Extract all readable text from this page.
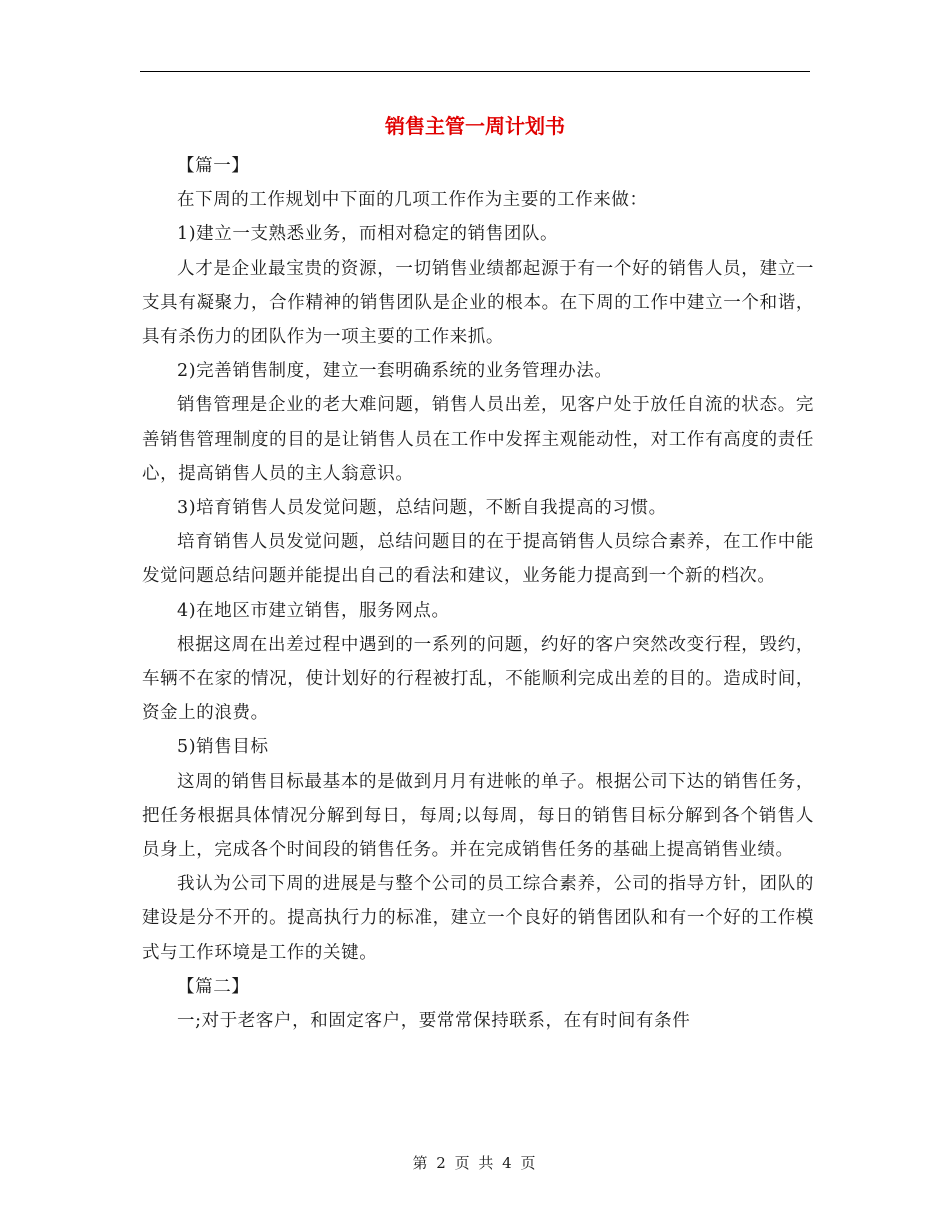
销售主管一周计划书

【篇一】

在下周的工作规划中下面的几项工作作为主要的工作来做：

1)建立一支熟悉业务，而相对稳定的销售团队。

人才是企业最宝贵的资源，一切销售业绩都起源于有一个好的销售人员，建立一支具有凝聚力，合作精神的销售团队是企业的根本。在下周的工作中建立一个和谐，具有杀伤力的团队作为一项主要的工作来抓。

2)完善销售制度，建立一套明确系统的业务管理办法。

销售管理是企业的老大难问题，销售人员出差，见客户处于放任自流的状态。完善销售管理制度的目的是让销售人员在工作中发挥主观能动性，对工作有高度的责任心，提高销售人员的主人翁意识。

3)培育销售人员发觉问题，总结问题，不断自我提高的习惯。

培育销售人员发觉问题，总结问题目的在于提高销售人员综合素养，在工作中能发觉问题总结问题并能提出自己的看法和建议，业务能力提高到一个新的档次。

4)在地区市建立销售，服务网点。

根据这周在出差过程中遇到的一系列的问题，约好的客户突然改变行程，毁约，车辆不在家的情况，使计划好的行程被打乱，不能顺利完成出差的目的。造成时间，资金上的浪费。

5)销售目标

这周的销售目标最基本的是做到月月有进帐的单子。根据公司下达的销售任务，把任务根据具体情况分解到每日，每周;以每周，每日的销售目标分解到各个销售人员身上，完成各个时间段的销售任务。并在完成销售任务的基础上提高销售业绩。

我认为公司下周的进展是与整个公司的员工综合素养，公司的指导方针，团队的建设是分不开的。提高执行力的标准，建立一个良好的销售团队和有一个好的工作模式与工作环境是工作的关键。

【篇二】

一;对于老客户，和固定客户，要常常保持联系，在有时间有条件

第 2 页 共 4 页
